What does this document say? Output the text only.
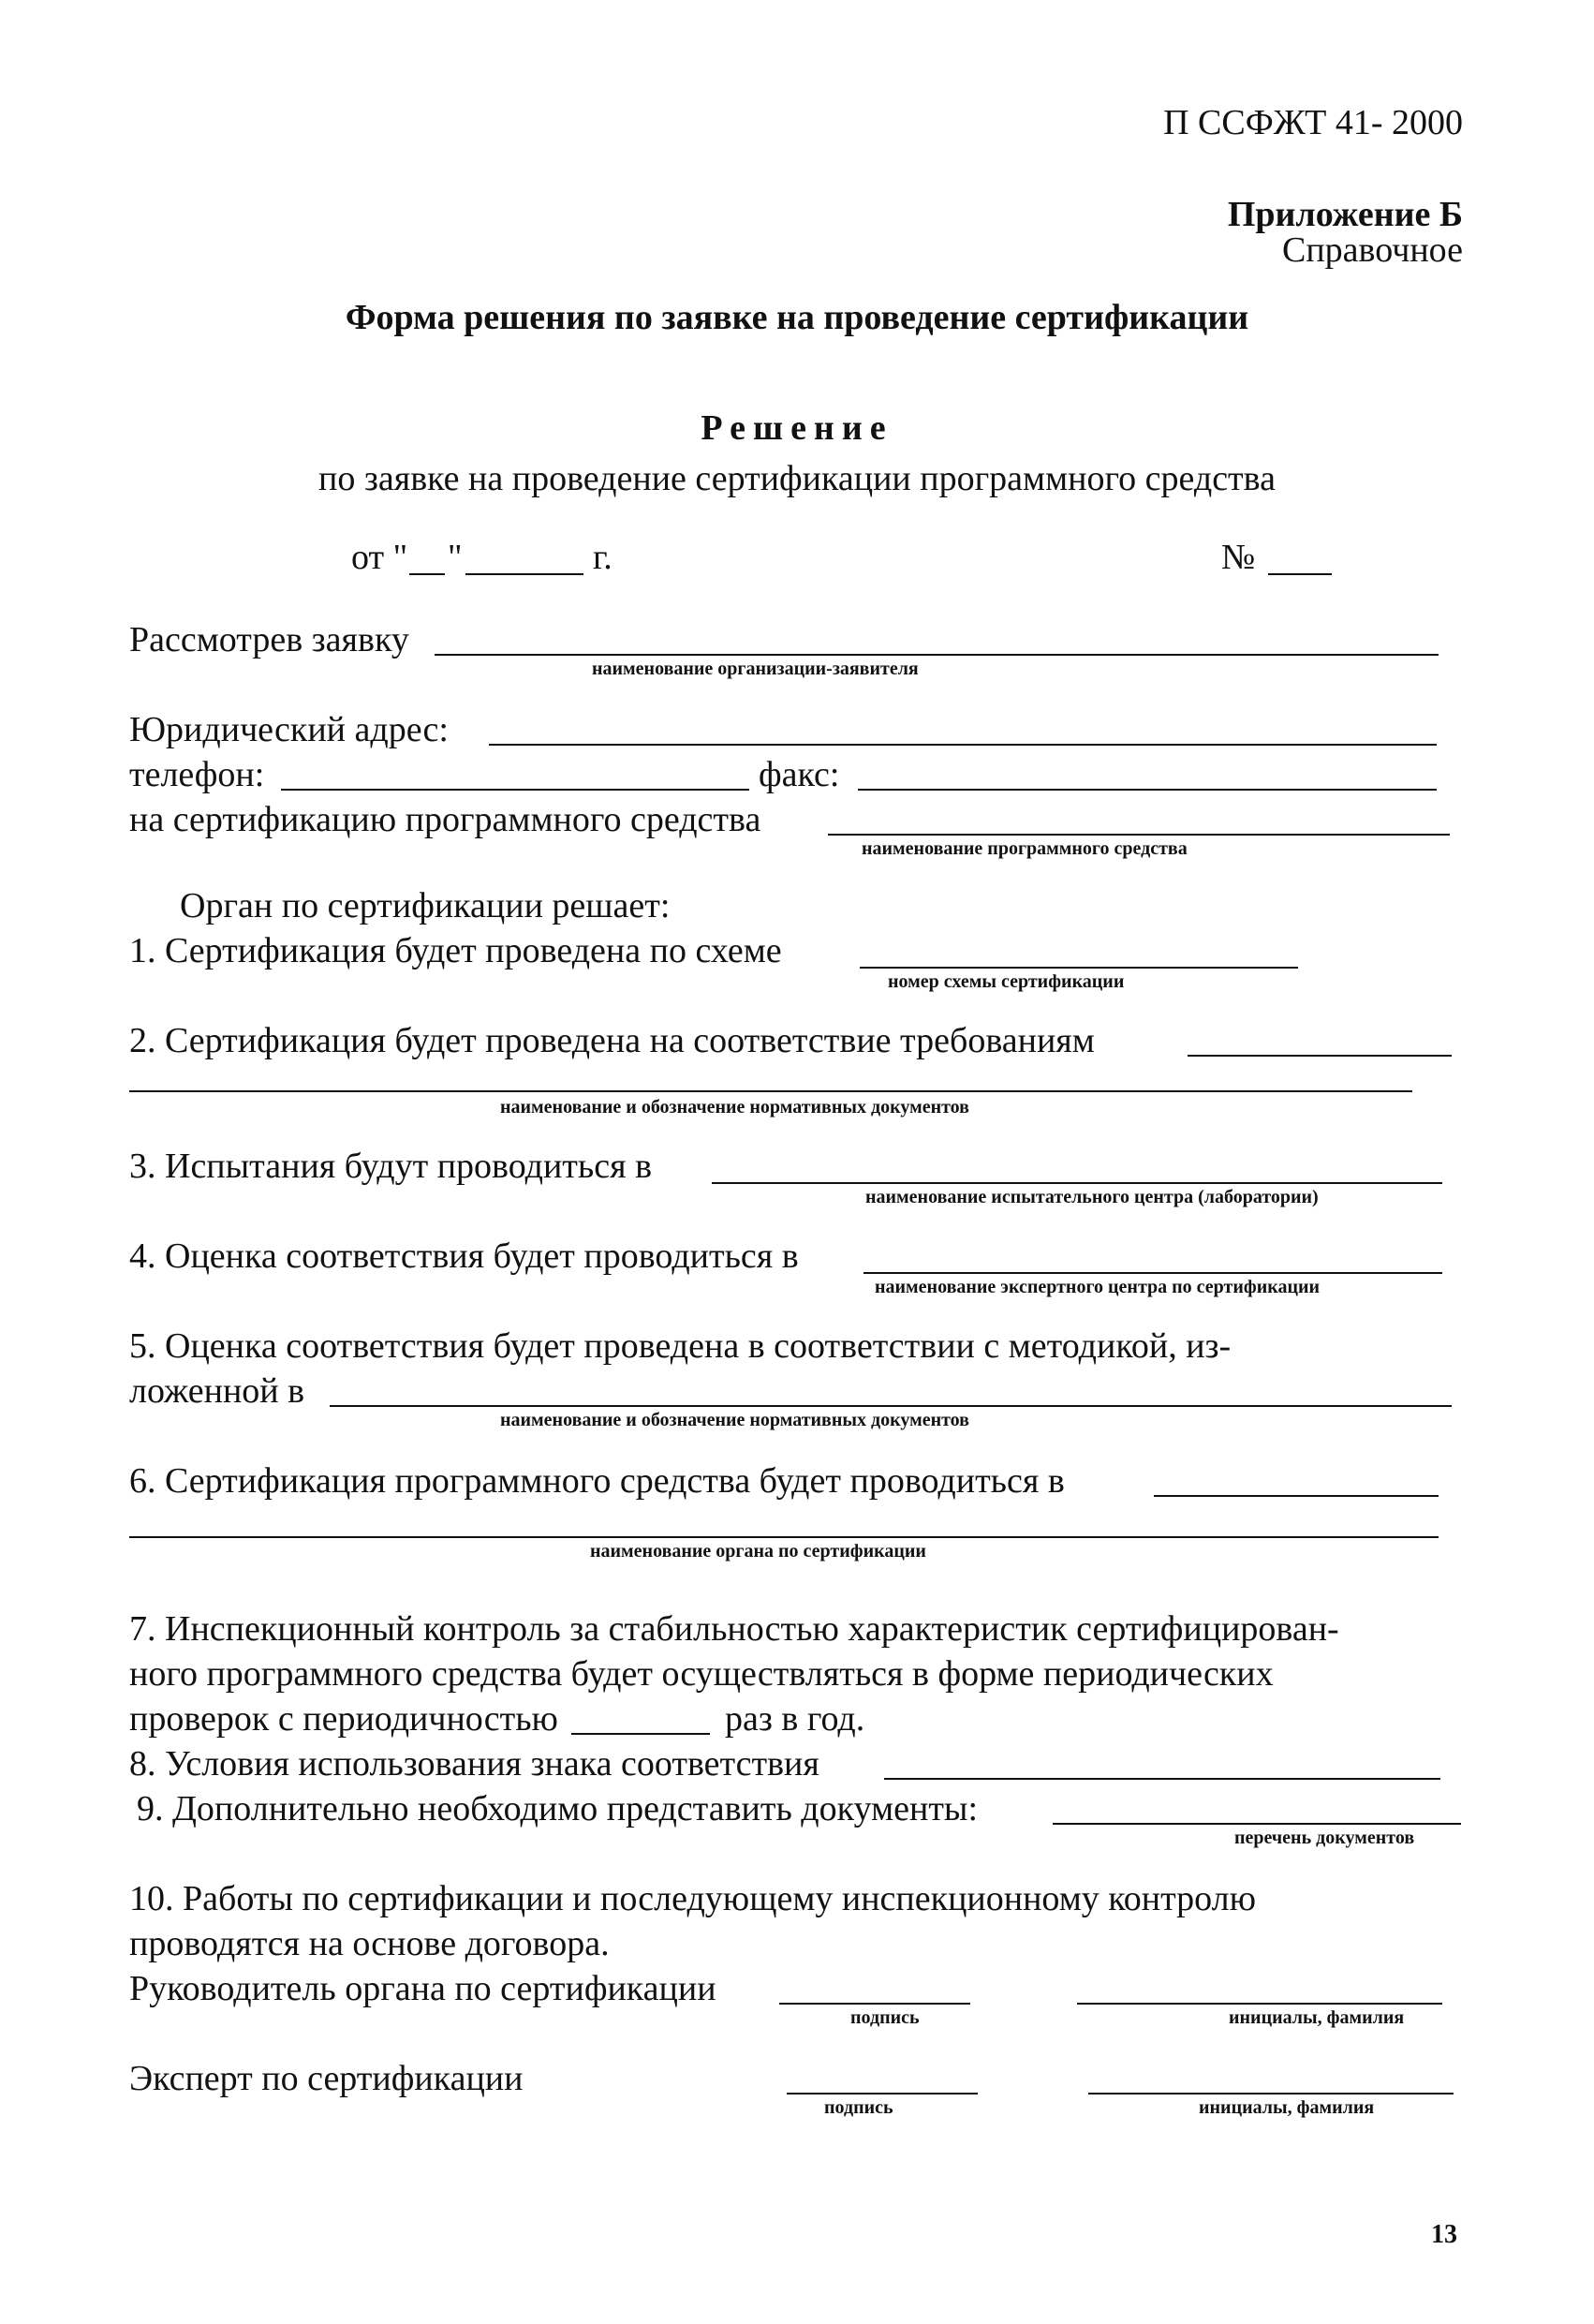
П ССФЖТ 41- 2000
Приложение Б
Справочное
Форма решения по заявке на проведение сертификации
Решение
по заявке на проведение сертификации программного средства
от " "	г.	№
Рассмотрев заявку
наименование организации-заявителя
Юридический адрес:
телефон:	факс:
на сертификацию программного средства
наименование программного средства
Орган по сертификации решает:
1. Сертификация будет проведена по схеме
номер схемы сертификации
2. Сертификация будет проведена на соответствие требованиям
наименование и обозначение нормативных документов
3. Испытания будут проводиться в
наименование испытательного центра (лаборатории)
4. Оценка соответствия будет проводиться в
наименование экспертного центра по сертификации
5. Оценка соответствия будет проведена в соответствии с методикой, из-
ложенной в
наименование и обозначение нормативных документов
6. Сертификация программного средства будет проводиться в
наименование органа по сертификации
7. Инспекционный контроль за стабильностью характеристик сертифицирован-
ного программного средства будет осуществляться в форме периодических
проверок с периодичностью	раз в год.
8. Условия использования знака соответствия
9. Дополнительно необходимо представить документы:
перечень документов
10. Работы по сертификации и последующему инспекционному контролю
проводятся на основе договора.
Руководитель органа по сертификации
подпись	инициалы, фамилия
Эксперт по сертификации
подпись	инициалы, фамилия
13
